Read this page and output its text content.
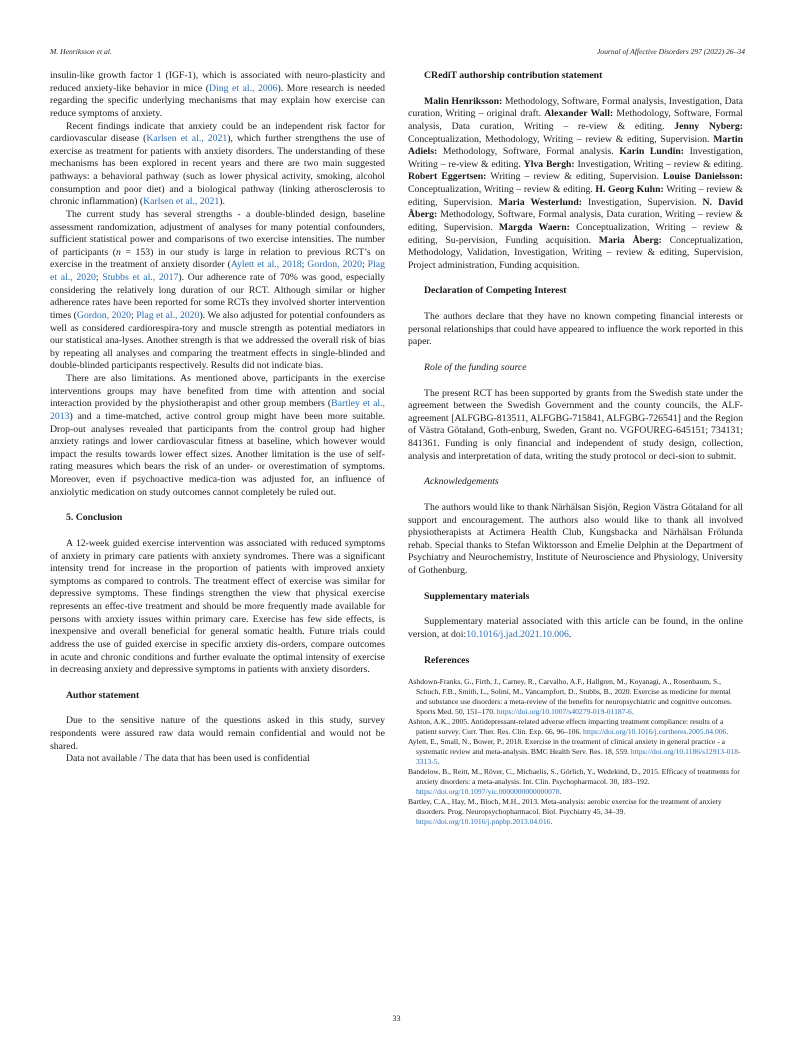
M. Henriksson et al.	Journal of Affective Disorders 297 (2022) 26–34

insulin-like growth factor 1 (IGF-1), which is associated with neuro-plasticity and reduced anxiety-like behavior in mice (Ding et al., 2006). More research is needed regarding the specific underlying mechanisms that may explain how exercise can reduce symptoms of anxiety.

Recent findings indicate that anxiety could be an independent risk factor for cardiovascular disease (Karlsen et al., 2021), which further strengthens the use of exercise as treatment for patients with anxiety disorders. The understanding of these mechanisms has been explored in recent years and there are two main suggested pathways: a behavioral pathway (such as lower physical activity, smoking, alcohol consumption and poor diet) and a biological pathway (linking atherosclerosis to chronic inflammation) (Karlsen et al., 2021).

The current study has several strengths - a double-blinded design, baseline assessment randomization, adjustment of analyses for many potential confounders, sufficient statistical power and comparisons of two exercise intensities. The number of participants (n = 153) in our study is large in relation to previous RCT’s on exercise in the treatment of anxiety disorder (Aylett et al., 2018; Gordon, 2020; Plag et al., 2020; Stubbs et al., 2017). Our adherence rate of 70% was good, especially considering the relatively long duration of our RCT. Although similar or higher adherence rates have been reported for some RCTs they involved shorter intervention times (Gordon, 2020; Plag et al., 2020). We also adjusted for potential confounders as well as considered cardiorespira-tory and muscle strength as potential mediators in our statistical ana-lyses. Another strength is that we addressed the overall risk of bias by repeating all analyses and comparing the treatment effects in single-blinded and double-blinded participants respectively. Results did not indicate bias.

There are also limitations. As mentioned above, participants in the exercise interventions groups may have benefited from time with attention and social interaction provided by the physiotherapist and other group members (Bartley et al., 2013) and a time-matched, active control group might have been more suitable. Drop-out analyses revealed that participants from the control group had higher anxiety ratings and lower cardiovascular fitness at baseline, which however would impact the results towards lower effect sizes. Another limitation is the use of self-rating measures which bears the risk of an under- or overestimation of symptoms. Moreover, even if psychoactive medica-tion was adjusted for, an influence of anxiolytic medication on study outcomes cannot completely be ruled out.

5. Conclusion

A 12-week guided exercise intervention was associated with reduced symptoms of anxiety in primary care patients with anxiety syndromes. There was a significant intensity trend for increase in the proportion of patients with improved anxiety symptoms as compared to controls. The treatment effect of exercise was similar for depressive symptoms. These findings strengthen the view that physical exercise represents an effec-tive treatment and should be more frequently made available for persons with anxiety issues within primary care. Exercise has few side effects, is inexpensive and overall beneficial for general somatic health. Future trials could address the use of guided exercise in specific anxiety dis-orders, compare outcomes in acute and chronic conditions and further evaluate the optimal intensity of exercise in decreasing anxiety and depressive symptoms in patients with anxiety disorders.

Author statement

Due to the sensitive nature of the questions asked in this study, survey respondents were assured raw data would remain confidential and would not be shared.

Data not available / The data that has been used is confidential

CRediT authorship contribution statement

Malin Henriksson: Methodology, Software, Formal analysis, Investigation, Data curation, Writing – original draft. Alexander Wall: Methodology, Software, Formal analysis, Data curation, Writing – re-view & editing. Jenny Nyberg: Conceptualization, Methodology, Writing – review & editing, Supervision. Martin Adiels: Methodology, Software, Formal analysis. Karin Lundin: Investigation, Writing – re-view & editing. Ylva Bergh: Investigation, Writing – review & editing. Robert Eggertsen: Writing – review & editing, Supervision. Louise Danielsson: Conceptualization, Writing – review & editing. H. Georg Kuhn: Writing – review & editing, Supervision. Maria Westerlund: Investigation, Supervision. N. David Åberg: Methodology, Software, Formal analysis, Data curation, Writing – review & editing, Supervision. Margda Waern: Conceptualization, Writing – review & editing, Su-pervision, Funding acquisition. Maria Åberg: Conceptualization, Methodology, Validation, Investigation, Writing – review & editing, Supervision, Project administration, Funding acquisition.

Declaration of Competing Interest

The authors declare that they have no known competing financial interests or personal relationships that could have appeared to influence the work reported in this paper.

Role of the funding source

The present RCT has been supported by grants from the Swedish state under the agreement between the Swedish Government and the county councils, the ALF-agreement [ALFGBG-813511, ALFGBG-715841, ALFGBG-726541] and the Region of Västra Götaland, Goth-enburg, Sweden, Grant no. VGFOUREG-645151; 734131; 841361. Funding is only financial and independent of study design, collection, analysis and interpretation of data, writing the study protocol or deci-sion to submit.

Acknowledgements

The authors would like to thank Närhälsan Sisjön, Region Västra Götaland for all support and encouragement. The authors also would like to thank all involved physiotherapists at Actimera Health Club, Kungsbacka and Närhälsan Frölunda rehab. Special thanks to Stefan Wiktorsson and Emelie Delphin at the Department of Psychiatry and Neurochemistry, Institute of Neuroscience and Physiology, University of Gothenburg.

Supplementary materials

Supplementary material associated with this article can be found, in the online version, at doi:10.1016/j.jad.2021.10.006.

References

Ashdown-Franks, G., Firth, J., Carney, R., Carvalho, A.F., Hallgren, M., Koyanagi, A., Rosenbaum, S., Schuch, F.B., Smith, L., Solmi, M., Vancampfort, D., Stubbs, B., 2020. Exercise as medicine for mental and substance use disorders: a meta-review of the benefits for neuropsychiatric and cognitive outcomes. Sports Med. 50, 151–170. https://doi.org/10.1007/s40279-019-01187-6.

Ashton, A.K., 2005. Antidepressant-related adverse effects impacting treatment compliance: results of a patient survey. Curr. Ther. Res. Clin. Exp. 66, 96–106. https://doi.org/10.1016/j.curtheres.2005.04.006.

Aylett, E., Small, N., Bower, P., 2018. Exercise in the treatment of clinical anxiety in general practice - a systematic review and meta-analysis. BMC Health Serv. Res. 18, 559. https://doi.org/10.1186/s12913-018-3313-5.

Bandelow, B., Reitt, M., Röver, C., Michaelis, S., Görlich, Y., Wedekind, D., 2015. Efficacy of treatments for anxiety disorders: a meta-analysis. Int. Clin. Psychopharmacol. 30, 183–192. https://doi.org/10.1097/yic.0000000000000078.

Bartley, C.A., Hay, M., Bloch, M.H., 2013. Meta-analysis: aerobic exercise for the treatment of anxiety disorders. Prog. Neuropsychopharmacol. Biol. Psychiatry 45, 34–39. https://doi.org/10.1016/j.pnpbp.2013.04.016.

33
